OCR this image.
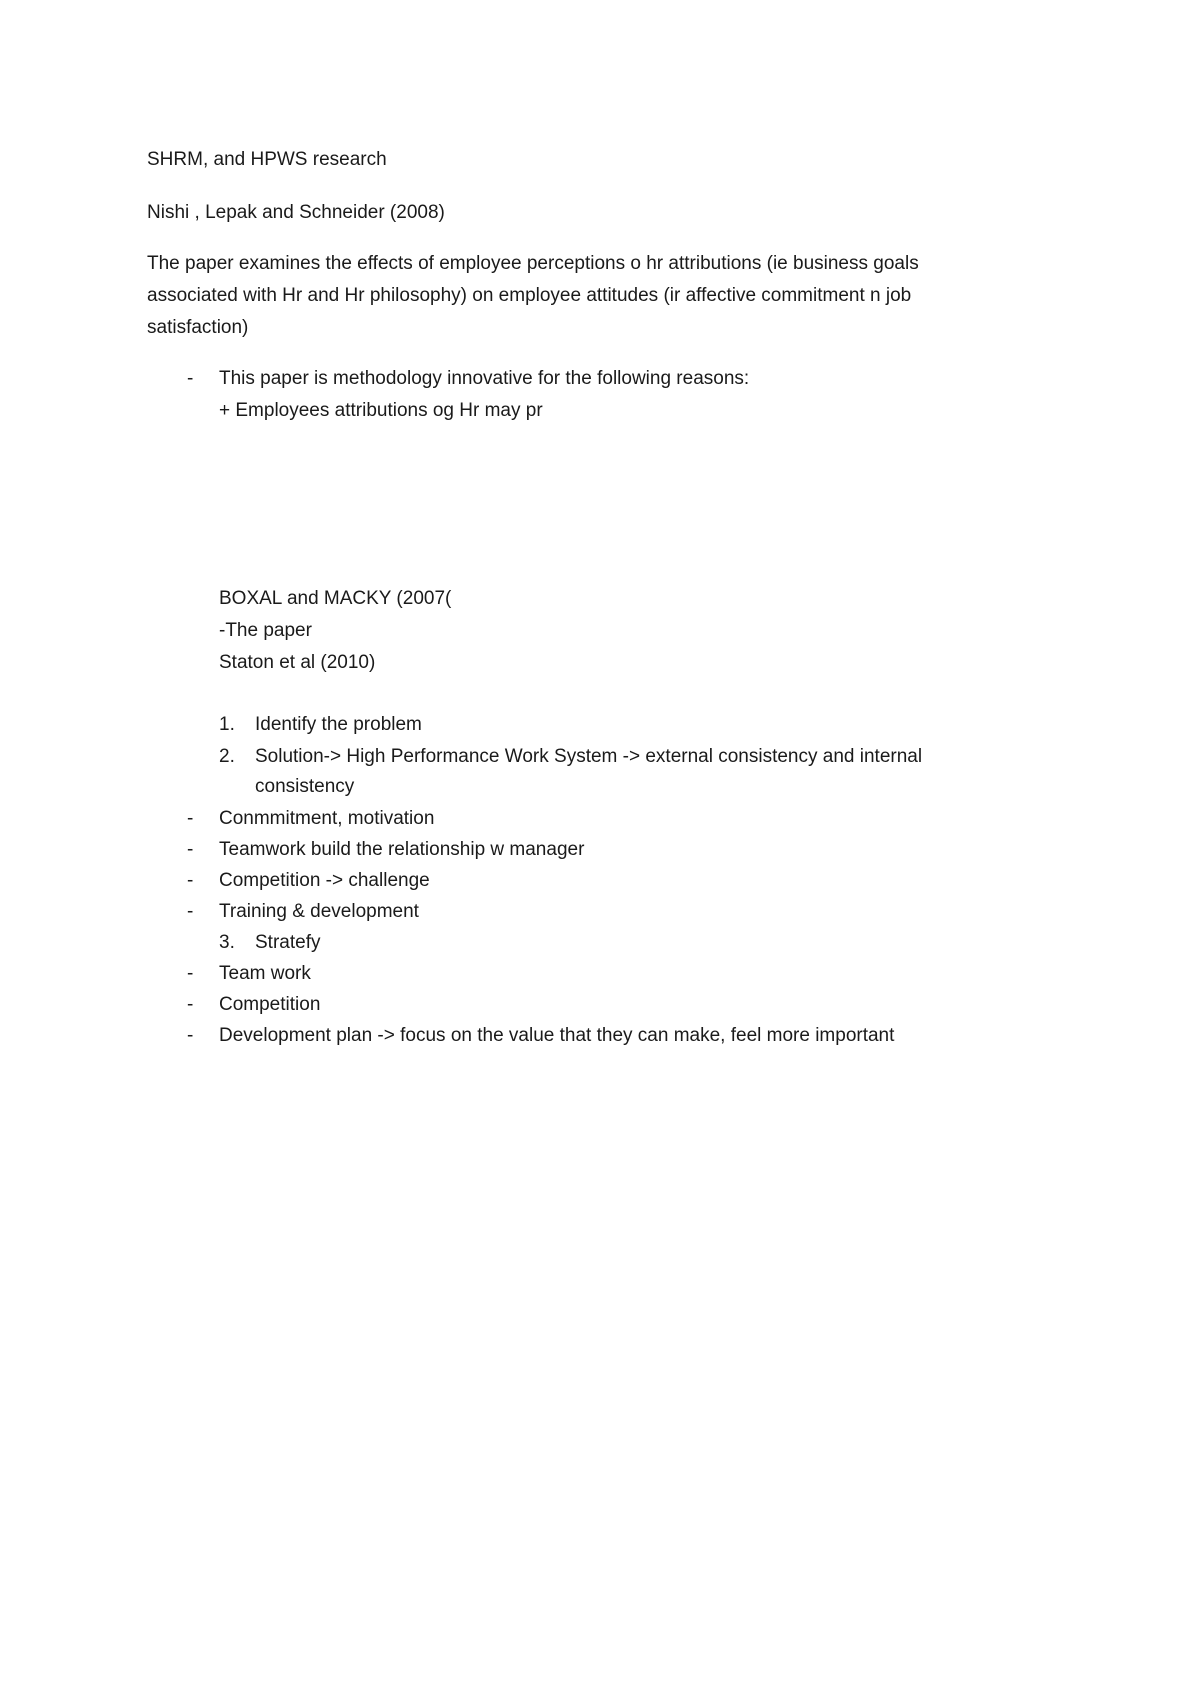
SHRM, and HPWS research
Nishi , Lepak and Schneider (2008)
The paper examines the effects of employee perceptions o hr attributions (ie business goals
associated with Hr and Hr philosophy) on employee attitudes (ir affective commitment n job
satisfaction)
- This paper is methodology innovative for the following reasons:
+ Employees attributions og Hr may pr
BOXAL and MACKY (2007(
-The paper
Staton et al (2010)
1. Identify the problem
2. Solution-> High Performance Work System -> external consistency and internal
consistency
- Conmmitment, motivation
- Teamwork build the relationship w manager
- Competition -> challenge
- Training & development
3. Stratefy
- Team work
- Competition
- Development plan -> focus on the value that they can make, feel more important
